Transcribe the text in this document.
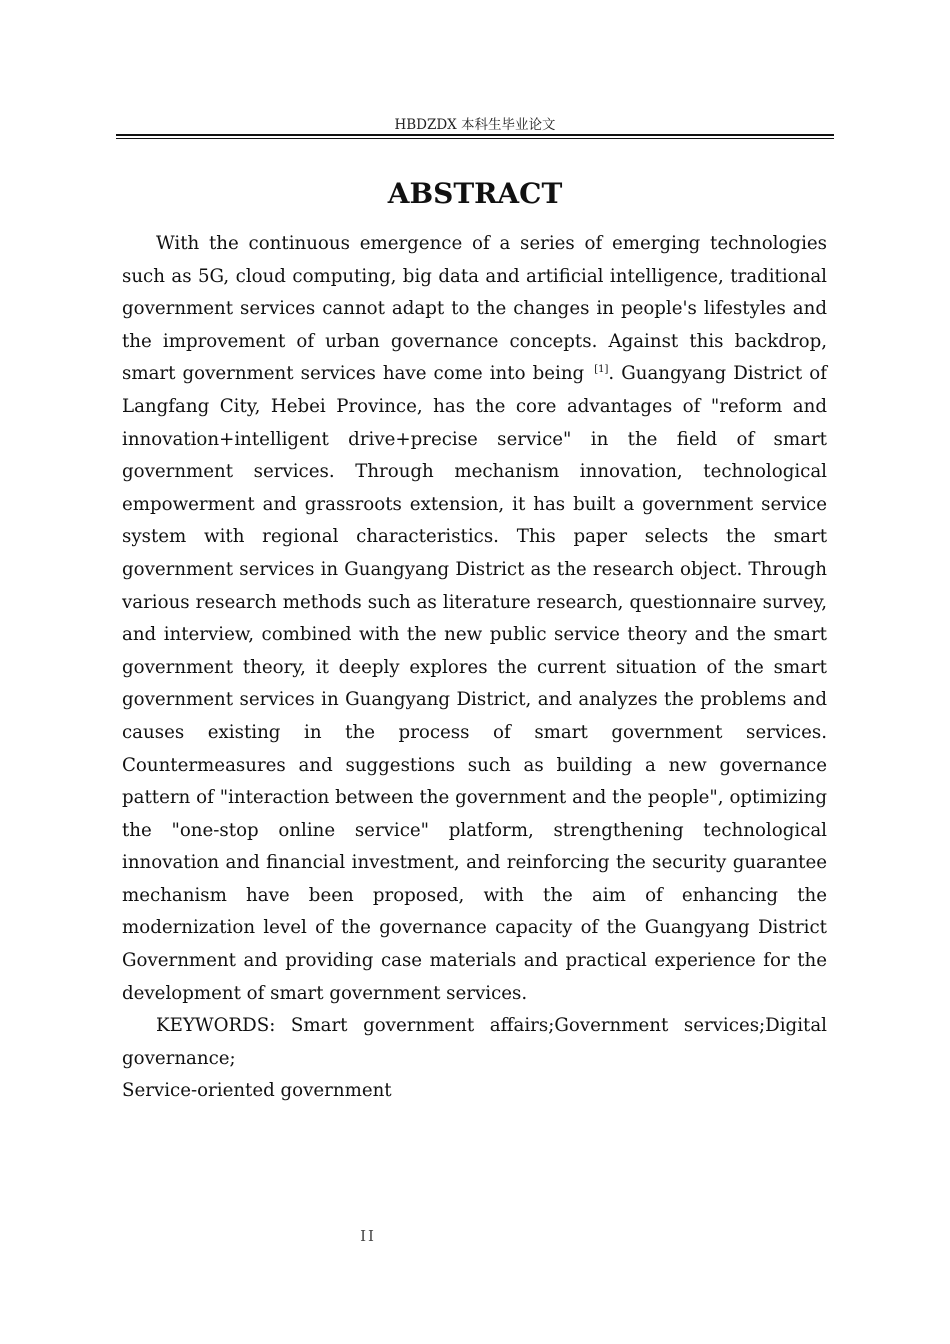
HBDZDX 本科生毕业论文
ABSTRACT

With the continuous emergence of a series of emerging technologies such as 5G, cloud computing, big data and artificial intelligence, traditional government services cannot adapt to the changes in people's lifestyles and the improvement of urban governance concepts. Against this backdrop, smart government services have come into being [1]. Guangyang District of Langfang City, Hebei Province, has the core advantages of "reform and innovation+intelligent drive+precise service" in the field of smart government services. Through mechanism innovation, technological empowerment and grassroots extension, it has built a government service system with regional characteristics. This paper selects the smart government services in Guangyang District as the research object. Through various research methods such as literature research, questionnaire survey, and interview, combined with the new public service theory and the smart government theory, it deeply explores the current situation of the smart government services in Guangyang District, and analyzes the problems and causes existing in the process of smart government services. Countermeasures and suggestions such as building a new governance pattern of "interaction between the government and the people", optimizing the "one-stop online service" platform, strengthening technological innovation and financial investment, and reinforcing the security guarantee mechanism have been proposed, with the aim of enhancing the modernization level of the governance capacity of the Guangyang District Government and providing case materials and practical experience for the development of smart government services.

KEYWORDS: Smart government affairs;Government services;Digital governance;

Service-oriented government

II
